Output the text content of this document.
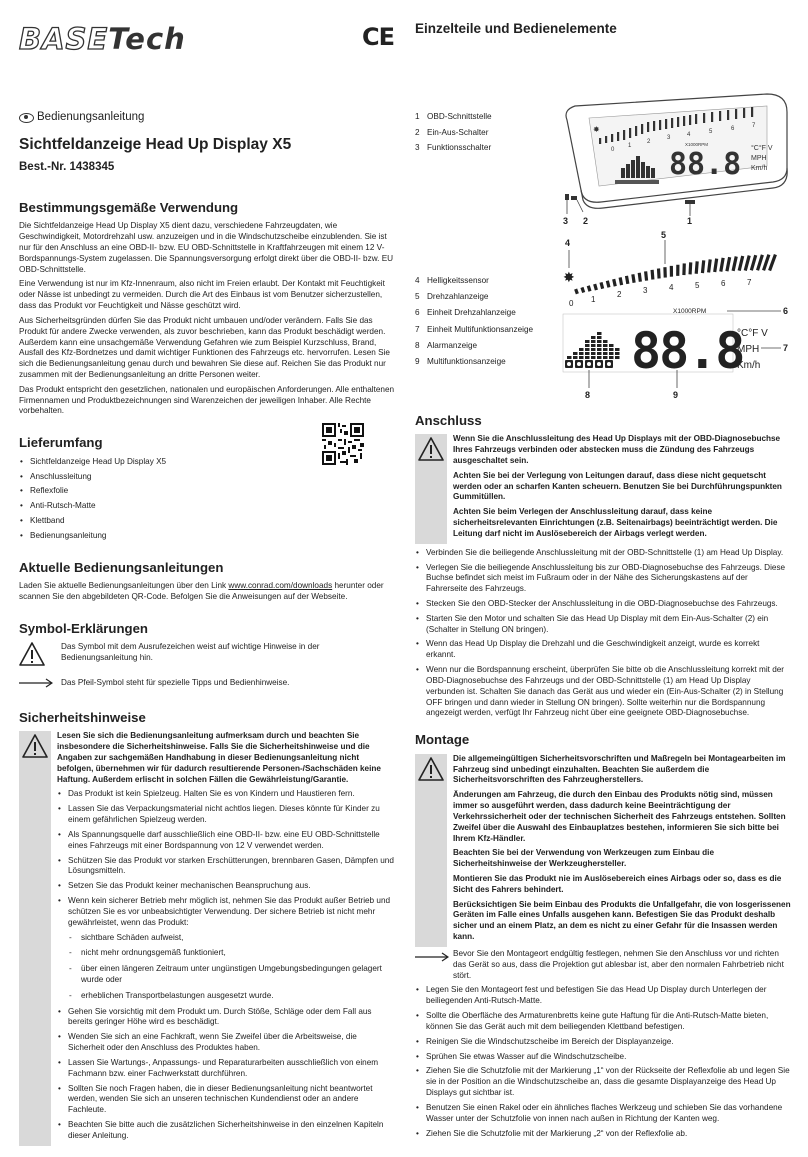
BASETech
Bedienungsanleitung
Sichtfeldanzeige Head Up Display X5
Best.-Nr. 1438345
Bestimmungsgemäße Verwendung

Die Sichtfeldanzeige Head Up Display X5 dient dazu, verschiedene Fahrzeugdaten, wie Geschwindigkeit, Motordrehzahl usw. anzuzeigen und in die Windschutzscheibe einzublenden. Sie ist nur für den Anschluss an eine OBD-II- bzw. EU OBD-Schnittstelle in Kraftfahrzeugen mit einem 12 V-Bordspannungs-System zugelassen. Die Spannungsversorgung erfolgt direkt über die OBD-II- bzw. EU OBD-Schnittstelle.

Eine Verwendung ist nur im Kfz-Innenraum, also nicht im Freien erlaubt. Der Kontakt mit Feuchtigkeit oder Nässe ist unbedingt zu vermeiden. Durch die Art des Einbaus ist vom Benutzer sicherzustellen, dass das Produkt vor Feuchtigkeit und Nässe geschützt wird.

Aus Sicherheitsgründen dürfen Sie das Produkt nicht umbauen und/oder verändern. Falls Sie das Produkt für andere Zwecke verwenden, als zuvor beschrieben, kann das Produkt beschädigt werden. Außerdem kann eine unsachgemäße Verwendung Gefahren wie zum Beispiel Kurzschluss, Brand, Ausfall des Kfz-Bordnetzes und damit wichtiger Funktionen des Fahrzeugs etc. hervorrufen. Lesen Sie sich die Bedienungsanleitung genau durch und bewahren Sie diese auf. Reichen Sie das Produkt nur zusammen mit der Bedienungsanleitung an dritte Personen weiter.

Das Produkt entspricht den gesetzlichen, nationalen und europäischen Anforderungen. Alle enthaltenen Firmennamen und Produktbezeichnungen sind Warenzeichen der jeweiligen Inhaber. Alle Rechte vorbehalten.

Lieferumfang
• Sichtfeldanzeige Head Up Display X5
• Anschlussleitung
• Reflexfolie
• Anti-Rutsch-Matte
• Klettband
• Bedienungsanleitung
Aktuelle Bedienungsanleitungen

Laden Sie aktuelle Bedienungsanleitungen über den Link www.conrad.com/downloads herunter oder scannen Sie den abgebildeten QR-Code. Befolgen Sie die Anweisungen auf der Webseite.

Symbol-Erklärungen
Das Symbol mit dem Ausrufezeichen weist auf wichtige Hinweise in der Bedienungsanleitung hin.
Das Pfeil-Symbol steht für spezielle Tipps und Bedienhinweise.
Sicherheitshinweise

Lesen Sie sich die Bedienungsanleitung aufmerksam durch und beachten Sie insbesondere die Sicherheitshinweise. Falls Sie die Sicherheitshinweise und die Angaben zur sachgemäßen Handhabung in dieser Bedienungsanleitung nicht befolgen, übernehmen wir für dadurch resultierende Personen-/Sachschäden keine Haftung. Außerdem erlischt in solchen Fällen die Gewährleistung/Garantie.

• Das Produkt ist kein Spielzeug. Halten Sie es von Kindern und Haustieren fern.
• Lassen Sie das Verpackungsmaterial nicht achtlos liegen. Dieses könnte für Kinder zu einem gefährlichen Spielzeug werden.
• Als Spannungsquelle darf ausschließlich eine OBD-II- bzw. eine EU OBD-Schnittstelle eines Fahrzeugs mit einer Bordspannung von 12 V verwendet werden.
• Schützen Sie das Produkt vor starken Erschütterungen, brennbaren Gasen, Dämpfen und Lösungsmitteln.
• Setzen Sie das Produkt keiner mechanischen Beanspruchung aus.
• Wenn kein sicherer Betrieb mehr möglich ist, nehmen Sie das Produkt außer Betrieb und schützen Sie es vor unbeabsichtigter Verwendung. Der sichere Betrieb ist nicht mehr gewährleistet, wenn das Produkt:
- sichtbare Schäden aufweist,
- nicht mehr ordnungsgemäß funktioniert,
- über einen längeren Zeitraum unter ungünstigen Umgebungsbedingungen gelagert wurde oder
- erheblichen Transportbelastungen ausgesetzt wurde.
• Gehen Sie vorsichtig mit dem Produkt um. Durch Stöße, Schläge oder dem Fall aus bereits geringer Höhe wird es beschädigt.
• Wenden Sie sich an eine Fachkraft, wenn Sie Zweifel über die Arbeitsweise, die Sicherheit oder den Anschluss des Produktes haben.
• Lassen Sie Wartungs-, Anpassungs- und Reparaturarbeiten ausschließlich von einem Fachmann bzw. einer Fachwerkstatt durchführen.
• Sollten Sie noch Fragen haben, die in dieser Bedienungsanleitung nicht beantwortet werden, wenden Sie sich an unseren technischen Kundendienst oder an andere Fachleute.
• Beachten Sie bitte auch die zusätzlichen Sicherheitshinweise in den einzelnen Kapiteln dieser Anleitung.
Einzelteile und Bedienelemente
1 OBD-Schnittstelle
2 Ein-Aus-Schalter
3 Funktionsschalter
✸
0
1
2
3	4	5	6	7
X1000RPM
88.8 °C°F V
MPH
Km/h
1
2
3
4 Helligkeitssensor
5 Drehzahlanzeige
6 Einheit Drehzahlanzeige
7 Einheit Multifunktionsanzeige
8 Alarmanzeige
9 Multifunktionsanzeige
✸
4
5
0 1
2	3	4	5	6	7
X1000RPM	6
8
88.8
9
°C°F V
MPH
Km/h
7
Anschluss

Wenn Sie die Anschlussleitung des Head Up Displays mit der OBD-Diagnosebuchse Ihres Fahrzeugs verbinden oder abstecken muss die Zündung des Fahrzeugs ausgeschaltet sein.

Achten Sie bei der Verlegung von Leitungen darauf, dass diese nicht gequetscht werden oder an scharfen Kanten scheuern. Benutzen Sie bei Durchführungspunkten Gummitüllen.

Achten Sie beim Verlegen der Anschlussleitung darauf, dass keine sicherheitsrelevanten Einrichtungen (z.B. Seitenairbags) beeinträchtigt werden. Die Leitung darf nicht im Auslösebereich der Airbags verlegt werden.

• Verbinden Sie die beiliegende Anschlussleitung mit der OBD-Schnittstelle (1) am Head Up Display.
• Verlegen Sie die beiliegende Anschlussleitung bis zur OBD-Diagnosebuchse des Fahrzeugs. Diese Buchse befindet sich meist im Fußraum oder in der Nähe des Sicherungskastens auf der Fahrerseite des Fahrzeugs.
• Stecken Sie den OBD-Stecker der Anschlussleitung in die OBD-Diagnosebuchse des Fahrzeugs.
• Starten Sie den Motor und schalten Sie das Head Up Display mit dem Ein-Aus-Schalter (2) ein (Schalter in Stellung ON bringen).
• Wenn das Head Up Display die Drehzahl und die Geschwindigkeit anzeigt, wurde es korrekt erkannt.
• Wenn nur die Bordspannung erscheint, überprüfen Sie bitte ob die Anschlussleitung korrekt mit der OBD-Diagnosebuchse des Fahrzeugs und der OBD-Schnittstelle (1) am Head Up Display verbunden ist. Schalten Sie danach das Gerät aus und wieder ein (Ein-Aus-Schalter (2) in Stellung OFF bringen und dann wieder in Stellung ON bringen). Sollte weiterhin nur die Bordspannung angezeigt werden, verfügt Ihr Fahrzeug nicht über eine geeignete OBD-Diagnosebuchse.
Montage

Die allgemeingültigen Sicherheitsvorschriften und Maßregeln bei Montagearbeiten im Fahrzeug sind unbedingt einzuhalten. Beachten Sie außerdem die Sicherheitsvorschriften des Fahrzeugherstellers.

Änderungen am Fahrzeug, die durch den Einbau des Produkts nötig sind, müssen immer so ausgeführt werden, dass dadurch keine Beeinträchtigung der Verkehrssicherheit oder der technischen Sicherheit des Fahrzeugs entstehen. Sollten Zweifel über die Auswahl des Einbauplatzes bestehen, informieren Sie sich bitte bei Ihrem Kfz-Händler.

Beachten Sie bei der Verwendung von Werkzeugen zum Einbau die Sicherheitshinweise der Werkzeughersteller.

Montieren Sie das Produkt nie im Auslösebereich eines Airbags oder so, dass es die Sicht des Fahrers behindert.

Berücksichtigen Sie beim Einbau des Produkts die Unfallgefahr, die von losgerissenen Geräten im Falle eines Unfalls ausgehen kann. Befestigen Sie das Produkt deshalb sicher und an einem Platz, an dem es nicht zu einer Gefahr für die Insassen werden kann.

Bevor Sie den Montageort endgültig festlegen, nehmen Sie den Anschluss vor und richten das Gerät so aus, dass die Projektion gut ablesbar ist, aber den normalen Fahrbetrieb nicht stört.
• Legen Sie den Montageort fest und befestigen Sie das Head Up Display durch Unterlegen der beiliegenden Anti-Rutsch-Matte.
• Sollte die Oberfläche des Armaturenbretts keine gute Haftung für die Anti-Rutsch-Matte bieten, können Sie das Gerät auch mit dem beiliegenden Klettband befestigen.
• Reinigen Sie die Windschutzscheibe im Bereich der Displayanzeige.
• Sprühen Sie etwas Wasser auf die Windschutzscheibe.
• Ziehen Sie die Schutzfolie mit der Markierung „1“ von der Rückseite der Reflexfolie ab und legen Sie sie in der Position an die Windschutzscheibe an, dass die gesamte Displayanzeige des Head Up Displays gut sichtbar ist.
• Benutzen Sie einen Rakel oder ein ähnliches flaches Werkzeug und schieben Sie das vorhandene Wasser unter der Schutzfolie von innen nach außen in Richtung der Kanten weg.
• Ziehen Sie die Schutzfolie mit der Markierung „2“ von der Reflexfolie ab.
CE
